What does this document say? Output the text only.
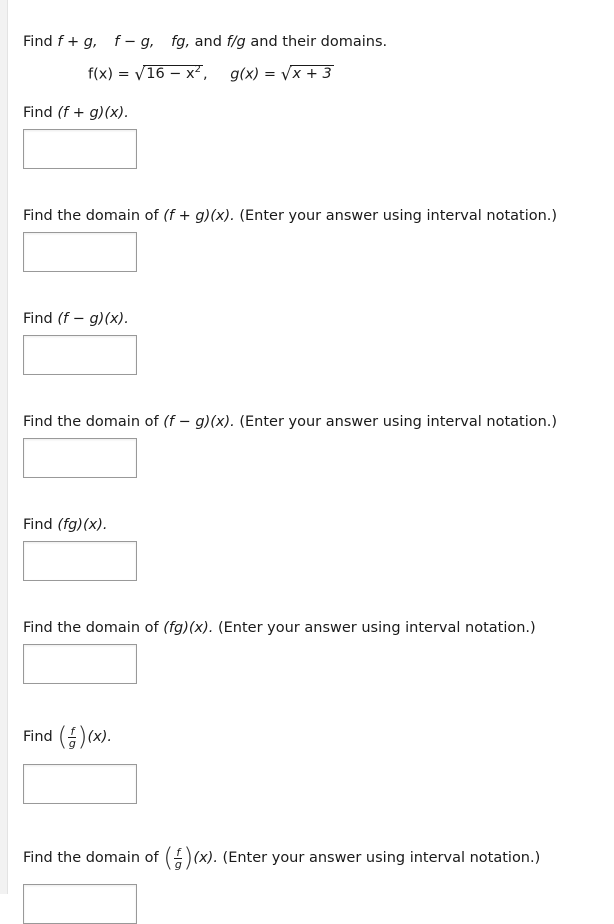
Find f + g, f − g, fg, and f/g and their domains.
$f(x) = √16 - x^2$ , g(x) = √x + 3
Find (f + g)(x).
Find the domain of (f + g)(x). (Enter your answer using interval notation.)
Find (f − g)(x).
Find the domain of (f − g)(x). (Enter your answer using interval notation.)
Find (fg)(x).
Find the domain of (fg)(x). (Enter your answer using interval notation.)
Find ( $\frac{f}{g} )(x)$.
Find the domain of ( $\frac{f}{g} )(x)$. (Enter your answer using interval notation.)
